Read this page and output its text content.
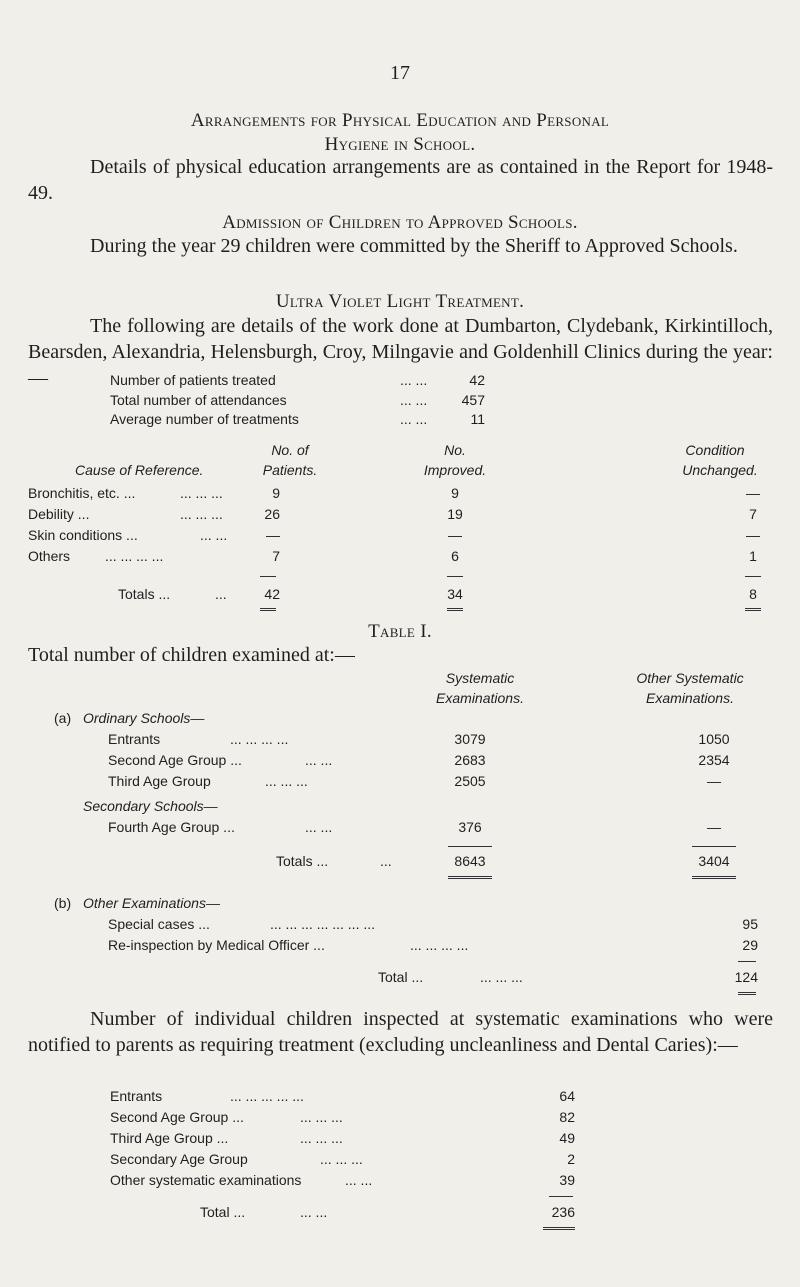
17
Arrangements for Physical Education and Personal
Hygiene in School.
Details of physical education arrangements are as contained in the Report for 1948-49.
Admission of Children to Approved Schools.
During the year 29 children were committed by the Sheriff to Approved Schools.
Ultra Violet Light Treatment.
The following are details of the work done at Dumbarton, Clydebank, Kirkintilloch, Bearsden, Alexandria, Helensburgh, Croy, Milngavie and Goldenhill Clinics during the year:—	Number of patients treated	... ...	42
Total number of attendances	... ...	457
Average number of treatments	... ...	11
No. of	No.	Condition
Cause of Reference.	Patients.	Improved.	Unchanged.
Bronchitis, etc. ...	... ... ...	9	9	—
Debility ...	... ... ...	26	19	7
Skin conditions ...	... ...	—	—	—
Others ... ... ... ...	7	6	1
Totals ...	...	42	34	8
Table I.
Total number of children examined at:—
Systematic	Other Systematic
Examinations.	Examinations.
(a) Ordinary Schools—
Entrants	... ... ... ...	3079	1050
Second Age Group ...	... ...	2683	2354
Third Age Group	... ... ...	2505	—
Secondary Schools—
Fourth Age Group ...	... ...	376	—
Totals ...	...	8643	3404
(b) Other Examinations—
Special cases ...	... ... ... ... ... ... ...	95
Re-inspection by Medical Officer ...	... ... ... ...	29
Total ...	... ... ...	124
Number of individual children inspected at systematic examinations who were notified to parents as requiring treatment (excluding uncleanliness and Dental Caries):—
Entrants	... ... ... ... ...	64
Second Age Group ...	... ... ...	82
Third Age Group ...	... ... ...	49
Secondary Age Group	... ... ...	2
Other systematic examinations	... ...	39
Total ...	... ...	236
